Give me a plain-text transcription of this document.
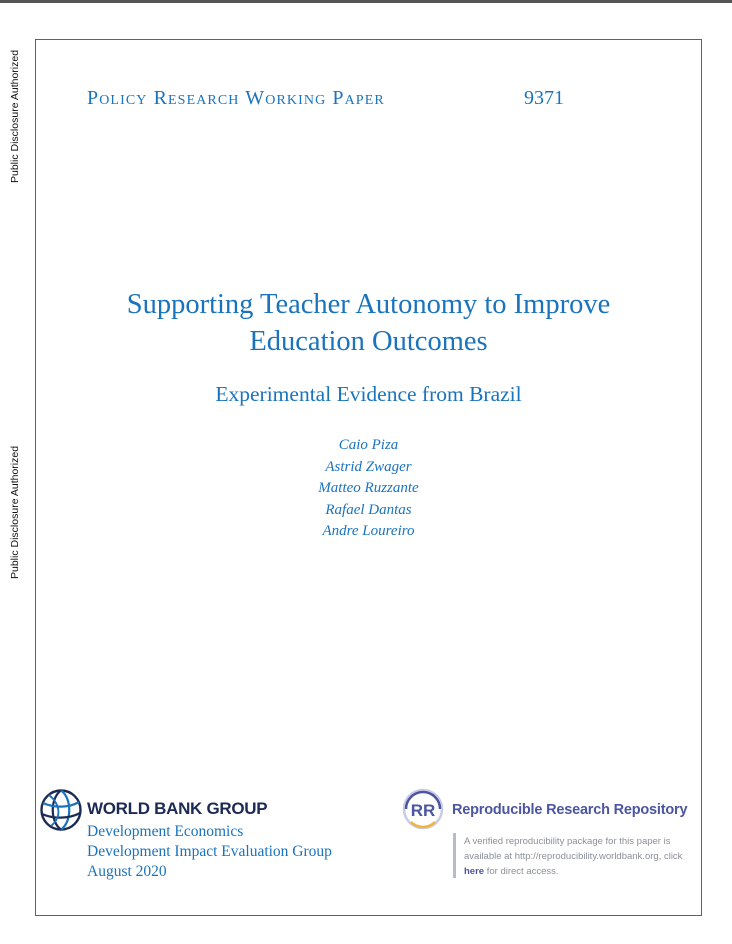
Public Disclosure Authorized
Public Disclosure Authorized
Policy Research Working Paper	9371
Supporting Teacher Autonomy to Improve
Education Outcomes
Experimental Evidence from Brazil
Caio Piza
Astrid Zwager
Matteo Ruzzante
Rafael Dantas
Andre Loureiro
WORLD BANK GROUP
Development Economics
Development Impact Evaluation Group
August 2020
RR Reproducible Research Repository
A verified reproducibility package for this paper is available at http://reproducibility.worldbank.org, click here for direct access.
